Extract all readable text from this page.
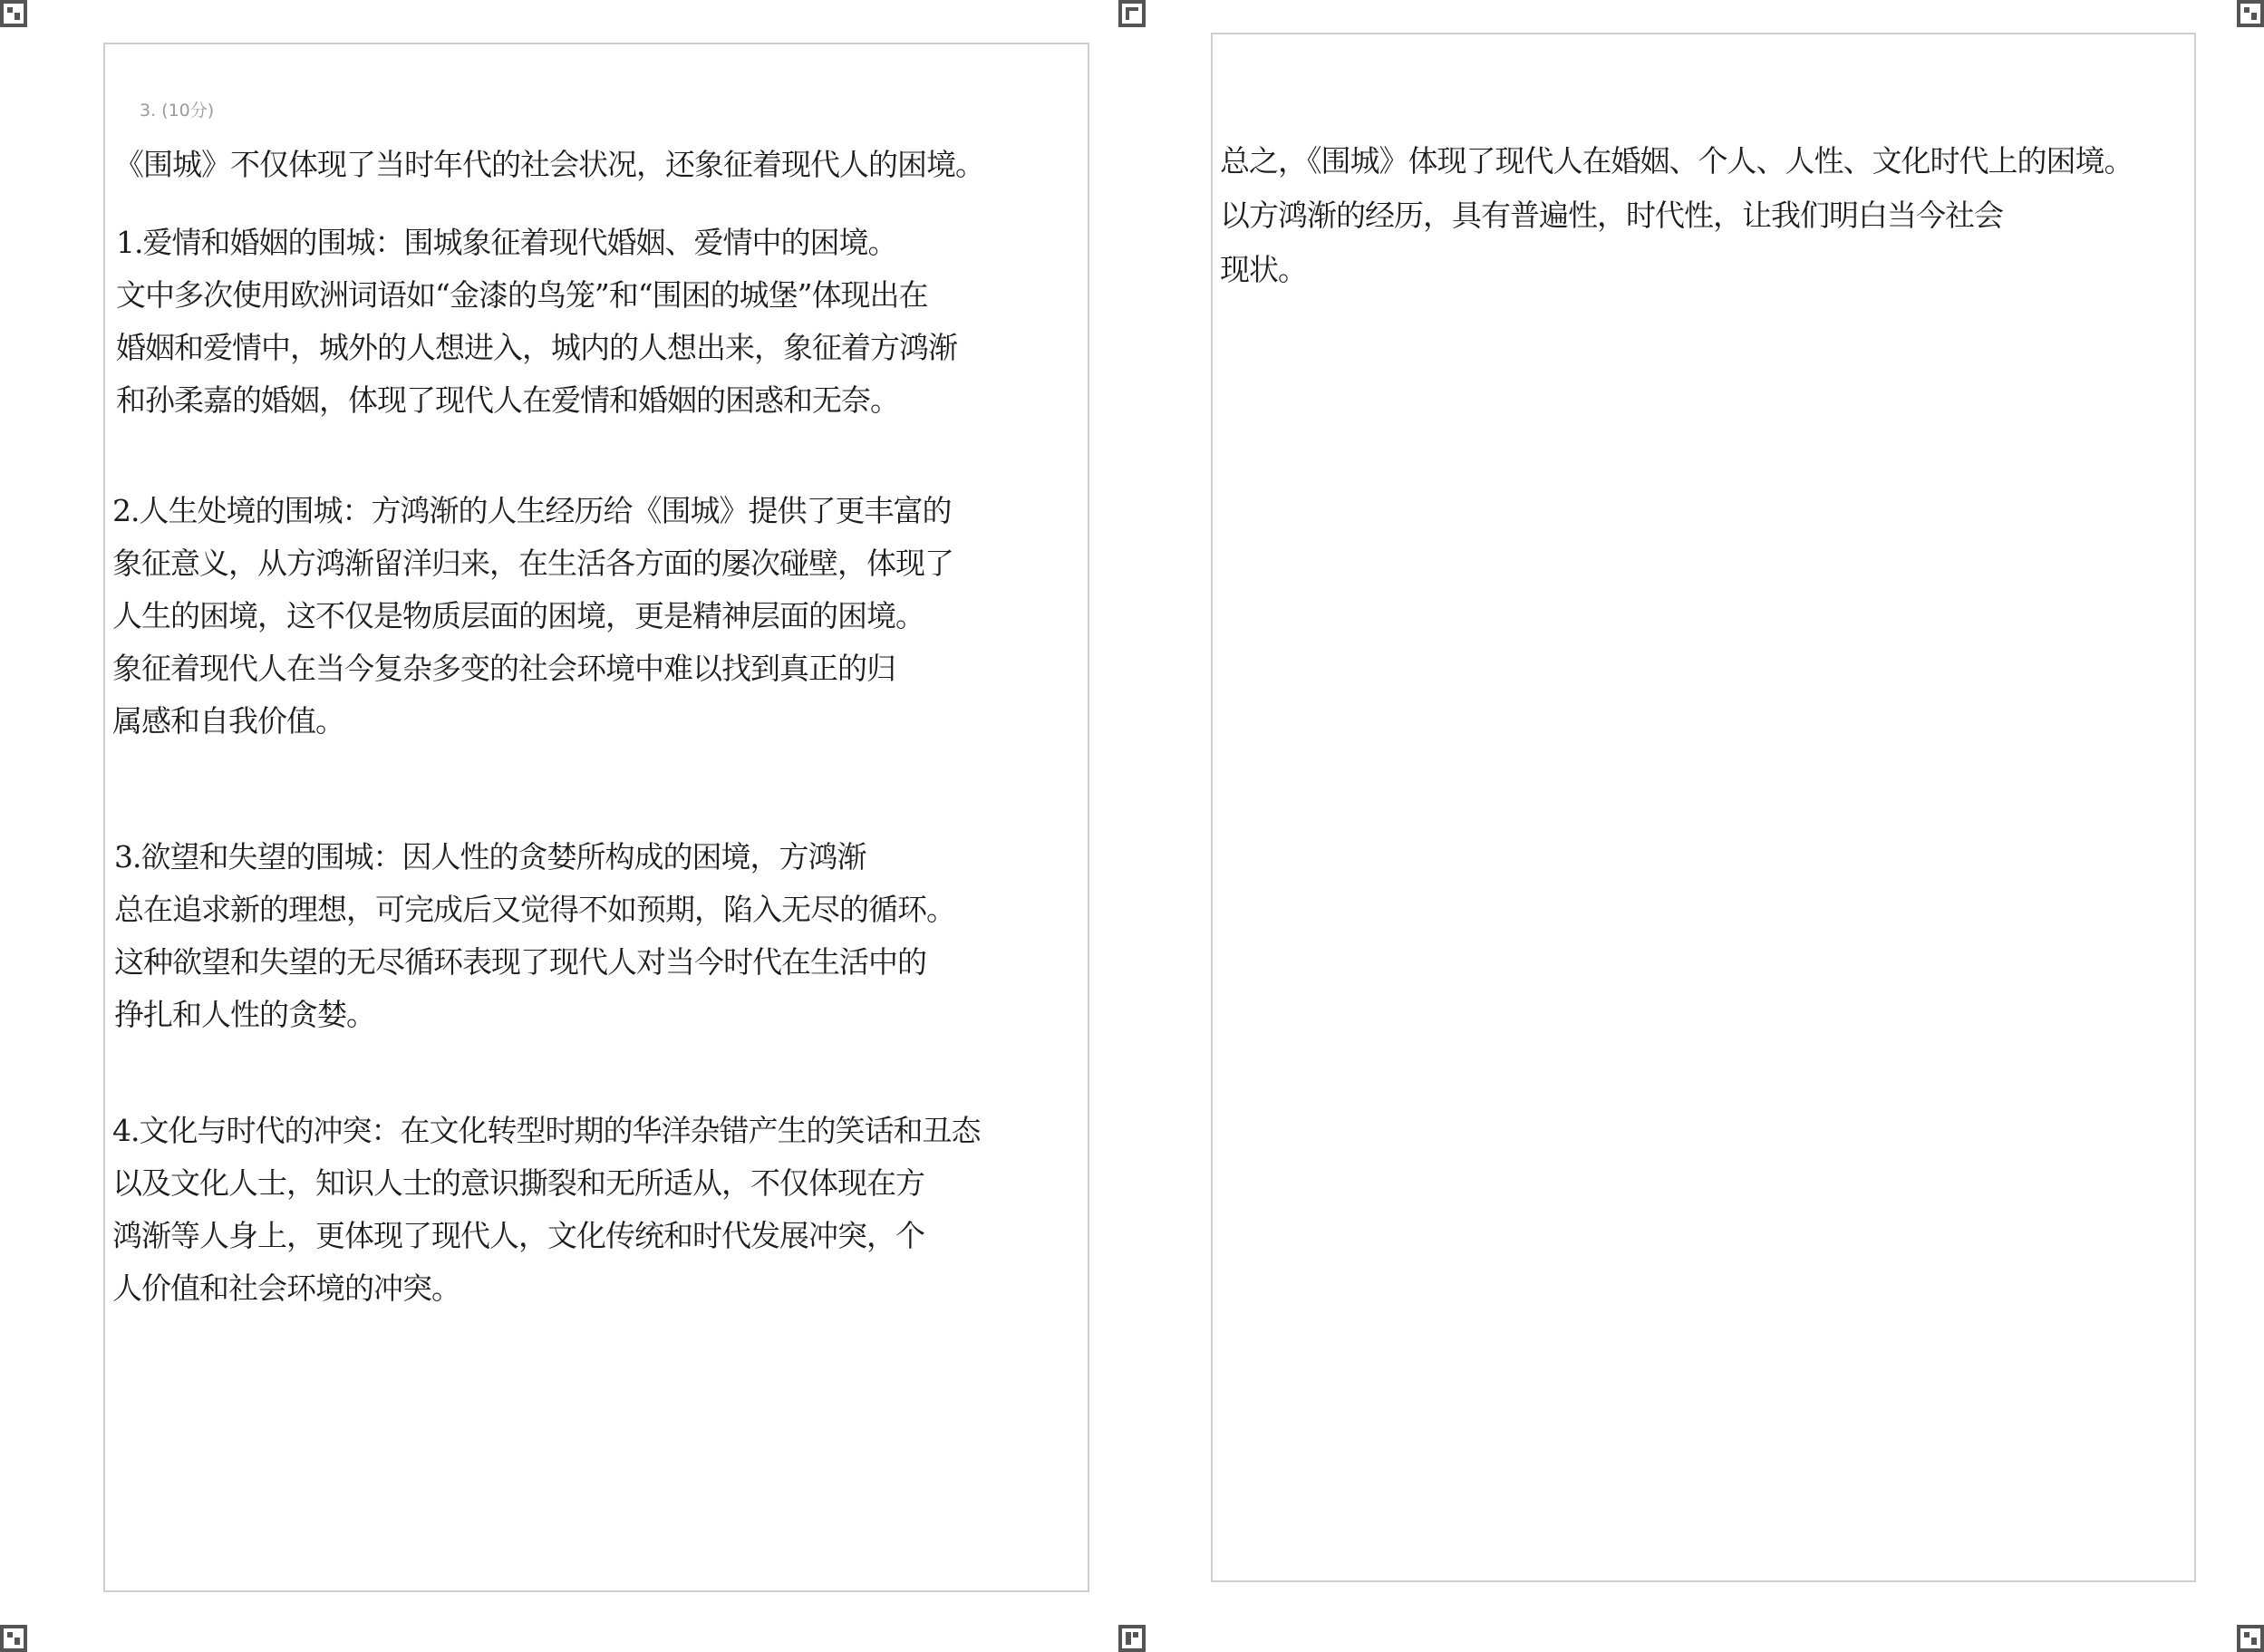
3. (10分)
《围城》不仅体现了当时年代的社会状况，还象征着现代人的困境。
1.爱情和婚姻的围城：围城象征着现代婚姻、爱情中的困境。
文中多次使用欧洲词语如“金漆的鸟笼”和“围困的城堡”体现出在
婚姻和爱情中，城外的人想进入，城内的人想出来，象征着方鸿渐
和孙柔嘉的婚姻，体现了现代人在爱情和婚姻的困惑和无奈。
2.人生处境的围城：方鸿渐的人生经历给《围城》提供了更丰富的
象征意义，从方鸿渐留洋归来，在生活各方面的屡次碰壁，体现了
人生的困境，这不仅是物质层面的困境，更是精神层面的困境。
象征着现代人在当今复杂多变的社会环境中难以找到真正的归
属感和自我价值。
3.欲望和失望的围城：因人性的贪婪所构成的困境，方鸿渐
总在追求新的理想，可完成后又觉得不如预期，陷入无尽的循环。
这种欲望和失望的无尽循环表现了现代人对当今时代在生活中的
挣扎和人性的贪婪。
4.文化与时代的冲突：在文化转型时期的华洋杂错产生的笑话和丑态
以及文化人士，知识人士的意识撕裂和无所适从，不仅体现在方
鸿渐等人身上，更体现了现代人，文化传统和时代发展冲突，个
人价值和社会环境的冲突。
总之，《围城》体现了现代人在婚姻、个人、人性、文化时代上的困境。
以方鸿渐的经历，具有普遍性，时代性，让我们明白当今社会
现状。
